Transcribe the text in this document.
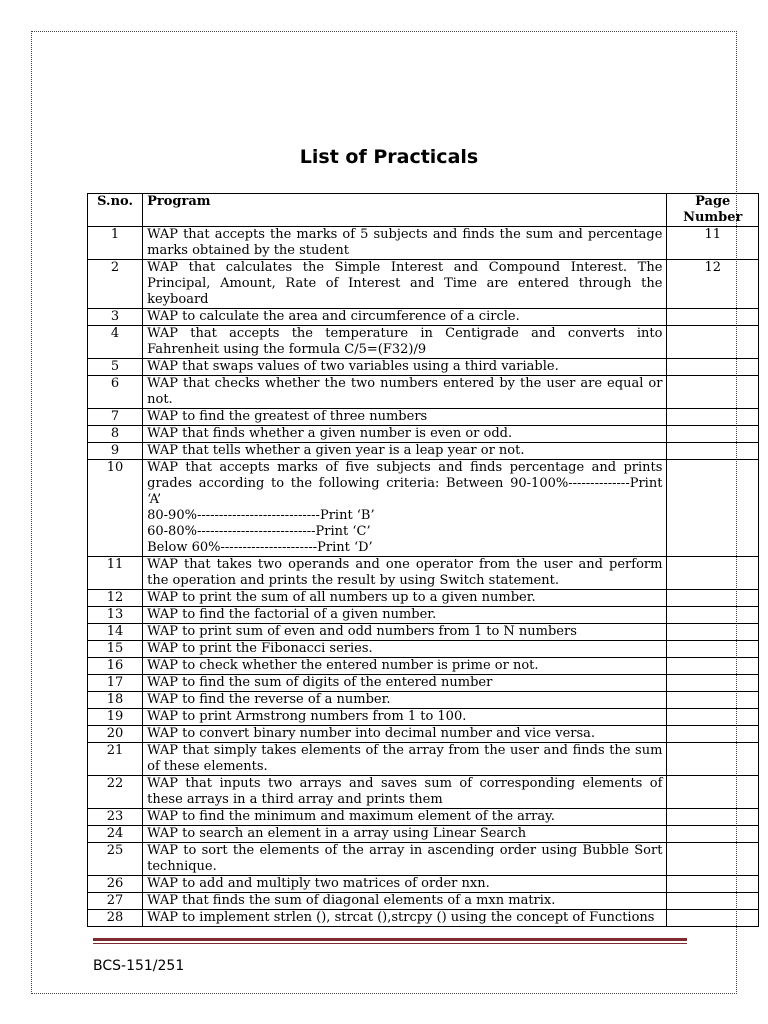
List of Practicals
S.no.	Program	Page
Number

1	WAP that accepts the marks of 5 subjects and finds the sum and percentage marks obtained by the student	11
2	WAP that calculates the Simple Interest and Compound Interest. The Principal, Amount, Rate of Interest and Time are entered through the keyboard	12
3	WAP to calculate the area and circumference of a circle.	

4	WAP that accepts the temperature in Centigrade and converts into Fahrenheit using the formula C/5=(F32)/9	

5	WAP that swaps values of two variables using a third variable.	

6	WAP that checks whether the two numbers entered by the user are equal or not.	

7	WAP to find the greatest of three numbers	

8	WAP that finds whether a given number is even or odd.	

9	WAP that tells whether a given year is a leap year or not.	

10	WAP that accepts marks of five subjects and finds percentage and prints grades according to the following criteria: Between 90-100%--------------Print ‘A’
80-90%----------------------------Print ‘B’
60-80%---------------------------Print ‘C’
Below 60%----------------------Print ‘D’	

11	WAP that takes two operands and one operator from the user and perform the operation and prints the result by using Switch statement.	

12	WAP to print the sum of all numbers up to a given number.	

13	WAP to find the factorial of a given number.	

14	WAP to print sum of even and odd numbers from 1 to N numbers	

15	WAP to print the Fibonacci series.	

16	WAP to check whether the entered number is prime or not.	

17	WAP to find the sum of digits of the entered number	

18	WAP to find the reverse of a number.	

19	WAP to print Armstrong numbers from 1 to 100.	

20	WAP to convert binary number into decimal number and vice versa.	

21	WAP that simply takes elements of the array from the user and finds the sum of these elements.	

22	WAP that inputs two arrays and saves sum of corresponding elements of these arrays in a third array and prints them	

23	WAP to find the minimum and maximum element of the array.	

24	WAP to search an element in a array using Linear Search	

25	WAP to sort the elements of the array in ascending order using Bubble Sort technique.	

26	WAP to add and multiply two matrices of order nxn.	

27	WAP that finds the sum of diagonal elements of a mxn matrix.	

28	WAP to implement strlen (), strcat (),strcpy () using the concept of Functions	

BCS-151/251
